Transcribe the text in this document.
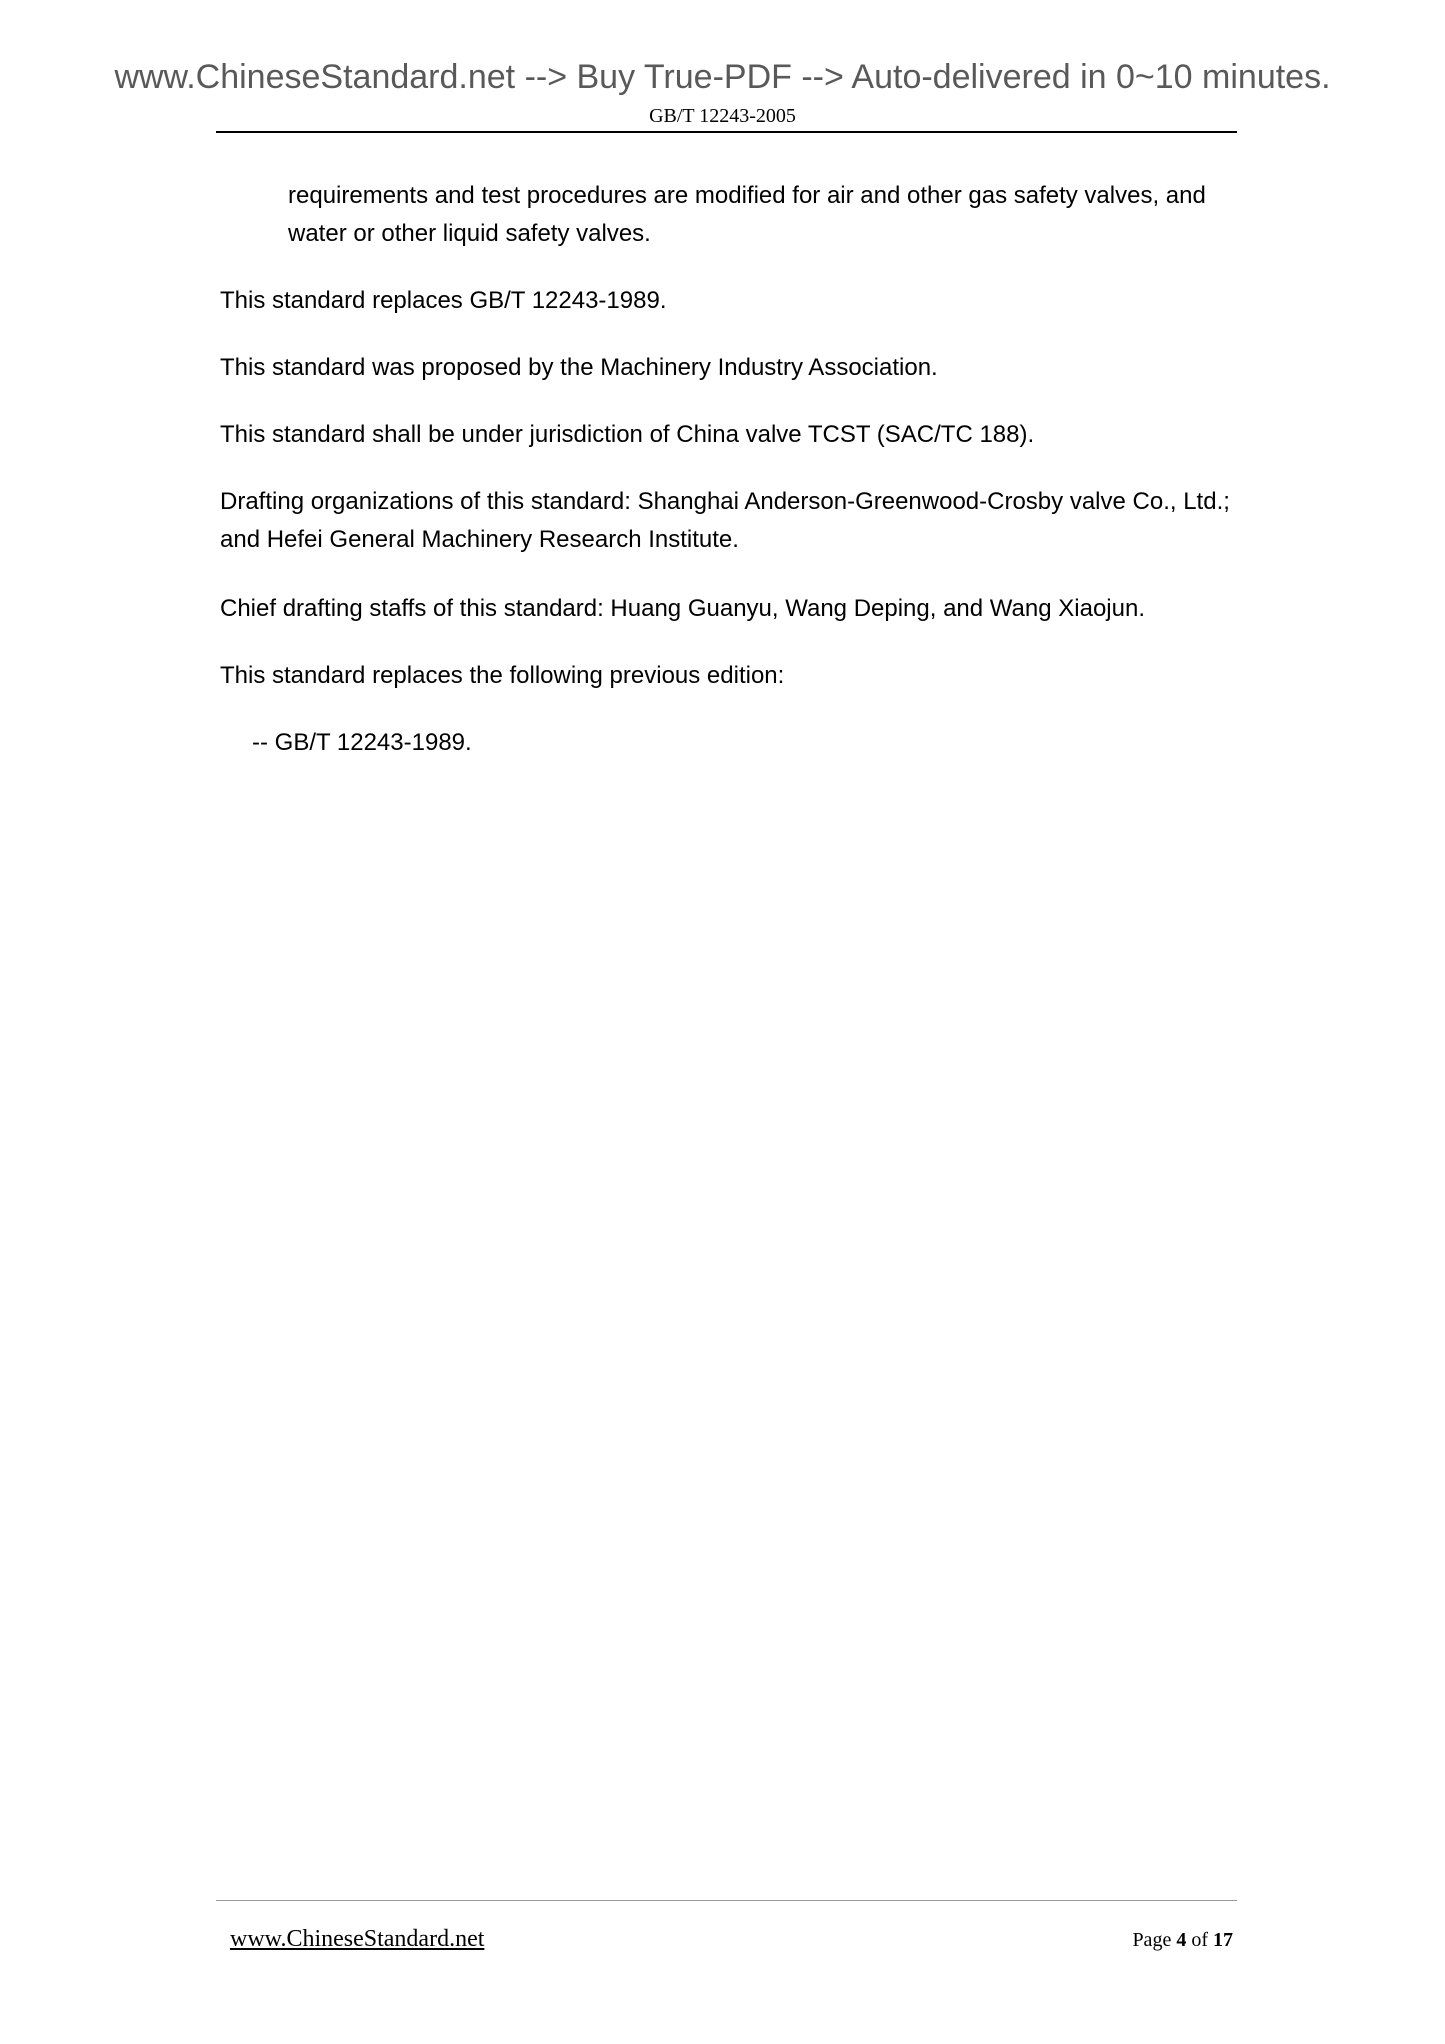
www.ChineseStandard.net --> Buy True-PDF --> Auto-delivered in 0~10 minutes.
GB/T 12243-2005

requirements and test procedures are modified for air and other gas safety valves, and water or other liquid safety valves.

This standard replaces GB/T 12243-1989.

This standard was proposed by the Machinery Industry Association.

This standard shall be under jurisdiction of China valve TCST (SAC/TC 188).

Drafting organizations of this standard: Shanghai Anderson-Greenwood-Crosby valve Co., Ltd.; and Hefei General Machinery Research Institute.

Chief drafting staffs of this standard: Huang Guanyu, Wang Deping, and Wang Xiaojun.

This standard replaces the following previous edition:

-- GB/T 12243-1989.

www.ChineseStandard.net	Page 4 of 17
